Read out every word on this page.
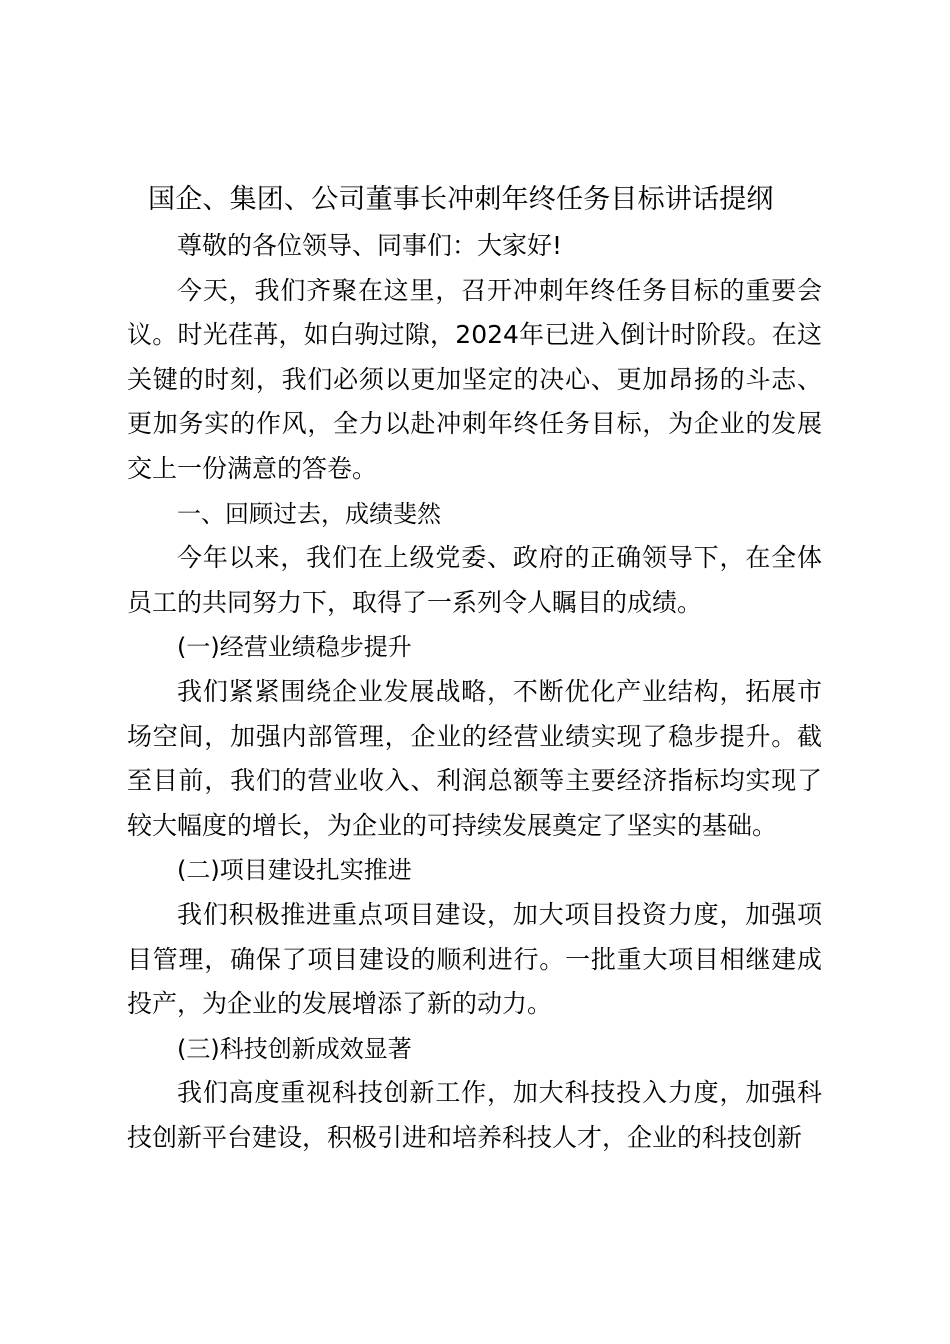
国企、集团、公司董事长冲刺年终任务目标讲话提纲

尊敬的各位领导、同事们：大家好!

今天，我们齐聚在这里，召开冲刺年终任务目标的重要会议。时光荏苒，如白驹过隙，2024年已进入倒计时阶段。在这关键的时刻，我们必须以更加坚定的决心、更加昂扬的斗志、更加务实的作风，全力以赴冲刺年终任务目标，为企业的发展交上一份满意的答卷。

一、回顾过去，成绩斐然

今年以来，我们在上级党委、政府的正确领导下，在全体员工的共同努力下，取得了一系列令人瞩目的成绩。

(一)经营业绩稳步提升

我们紧紧围绕企业发展战略，不断优化产业结构，拓展市场空间，加强内部管理，企业的经营业绩实现了稳步提升。截至目前，我们的营业收入、利润总额等主要经济指标均实现了较大幅度的增长，为企业的可持续发展奠定了坚实的基础。

(二)项目建设扎实推进

我们积极推进重点项目建设，加大项目投资力度，加强项目管理，确保了项目建设的顺利进行。一批重大项目相继建成投产，为企业的发展增添了新的动力。

(三)科技创新成效显著

我们高度重视科技创新工作，加大科技投入力度，加强科技创新平台建设，积极引进和培养科技人才，企业的科技创新
